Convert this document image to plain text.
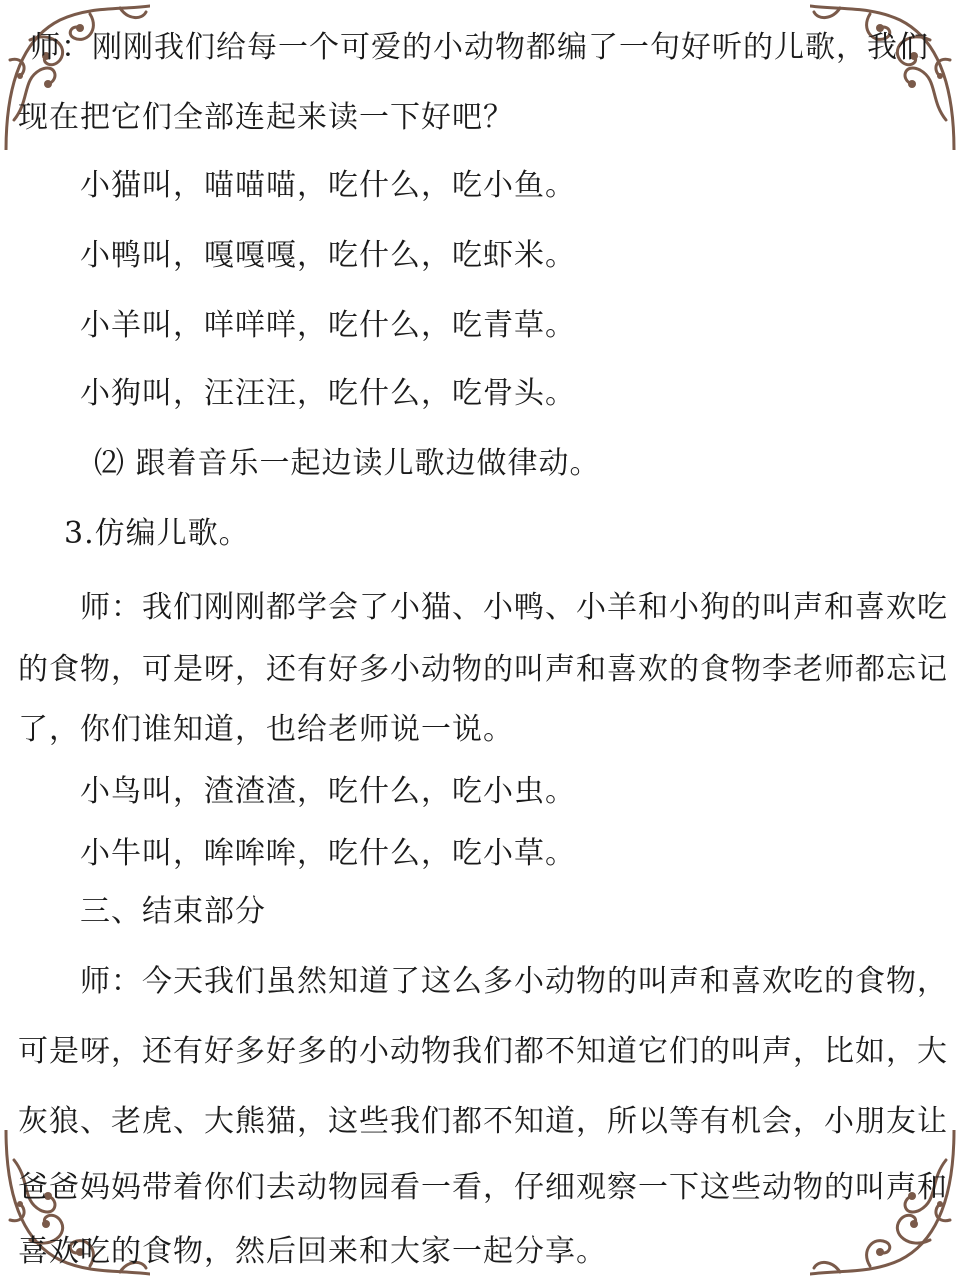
师：刚刚我们给每一个可爱的小动物都编了一句好听的儿歌，我们
现在把它们全部连起来读一下好吧？
小猫叫，喵喵喵，吃什么，吃小鱼。
小鸭叫，嘎嘎嘎，吃什么，吃虾米。
小羊叫，咩咩咩，吃什么，吃青草。
小狗叫，汪汪汪，吃什么，吃骨头。
⑵ 跟着音乐一起边读儿歌边做律动。
3.仿编儿歌。
师：我们刚刚都学会了小猫、小鸭、小羊和小狗的叫声和喜欢吃
的食物，可是呀，还有好多小动物的叫声和喜欢的食物李老师都忘记
了，你们谁知道，也给老师说一说。
小鸟叫，渣渣渣，吃什么，吃小虫。
小牛叫，哞哞哞，吃什么，吃小草。
三、结束部分
师：今天我们虽然知道了这么多小动物的叫声和喜欢吃的食物，
可是呀，还有好多好多的小动物我们都不知道它们的叫声，比如，大
灰狼、老虎、大熊猫，这些我们都不知道，所以等有机会，小朋友让
爸爸妈妈带着你们去动物园看一看，仔细观察一下这些动物的叫声和
喜欢吃的食物，然后回来和大家一起分享。
